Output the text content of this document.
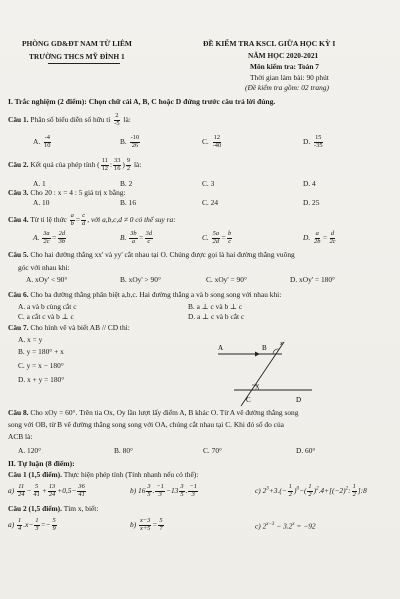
PHÒNG GD&ĐT NAM TỪ LIÊM
TRƯỜNG THCS MỸ ĐÌNH 1
ĐỀ KIỂM TRA KSCL GIỮA HỌC KỲ I
NĂM HỌC 2020-2021
Môn kiểm tra: Toán 7
Thời gian làm bài: 90 phút
(Đề kiểm tra gồm: 02 trang)
I. Trắc nghiệm (2 điểm): Chọn chữ cái A, B, C hoặc D đứng trước câu trả lời đúng.
Câu 1. Phân số biểu diễn số hữu tỉ $\frac{2}{-5}$ là:
A. $\frac{-4}{10}$	B. $\frac{-10}{26}$	C. $\frac{12}{-40}$	D. $\frac{15}{-35}$
Câu 2. Kết quả của phép tính ( $\frac{11}{12}$ : $\frac{33}{16}$ ) $\frac{9}{2}$ là:
A. 1	B. 2	C. 3	D. 4
Câu 3. Cho 20 : x = 4 : 5 giá trị x bằng:
A. 10	B. 16	C. 24	D. 25
Câu 4. Từ tỉ lệ thức $\frac{a}{b} = \frac{c}{d}$ , với a,b,c,d ≠ 0 có thể suy ra:
A. $\frac{3a}{2c} = \frac{2d}{3b}$	B. $\frac{3b}{a} = \frac{3d}{c}$	C. $\frac{5a}{2d} = \frac{b}{c}$	D. $\frac{a}{2b} = \frac{d}{2c}$
Câu 5. Cho hai đường thẳng xx' và yy' cắt nhau tại O. Chúng được gọi là hai đường thẳng vuông
góc với nhau khi:
A. xOy' < 90°	B. xOy' > 90°	C. xOy' = 90°	D. xOy' = 180°
Câu 6. Cho ba đường thẳng phân biệt a,b,c. Hai đường thẳng a và b song song với nhau khi:
A. a và b cùng cắt c	B. a ⊥ c và b ⊥ c
C. a cắt c và b ⊥ c	D. a ⊥ c và b cắt c
Câu 7. Cho hình vẽ và biết AB // CD thì:
A. x = y
B. y = 180° + x
C. y = x − 180°
D. x + y = 180°
A	B
x
y
C	D
Câu 8. Cho xOy = 60°. Trên tia Ox, Oy lần lượt lấy điểm A, B khác O. Từ A vẽ đường thẳng song
song với OB, từ B vẽ đường thẳng song song với OA, chúng cắt nhau tại C. Khi đó số đo của
ACB là:
A. 120°	B. 80°	C. 70°	D. 60°
II. Tự luận (8 điểm):
Câu 1 (1,5 điểm). Thực hiện phép tính (Tính nhanh nếu có thể):
$a) \frac{11}{24} - \frac{5}{41} + \frac{13}{24} +0,5- \frac{36}{41}$	b) $16 \frac{3}{5}$ . $\frac{-1}{3} -13 \frac{3}{5}$ . $\frac{-1}{3}$	c) $2^3+3.(- \frac{1}{2} )^0-( \frac{1}{2} )^2.4+[(-2)^2$: $\frac{1}{2}$ ]:8
Câu 2 (1,5 điểm). Tìm x, biết:
$a) \frac{1}{4} .x- \frac{1}{3} =- \frac{5}{9}$	$b) \frac{x-3}{x+5} = \frac{5}{7}$	c) $2^{x-3} - 3.2^x = -92$
